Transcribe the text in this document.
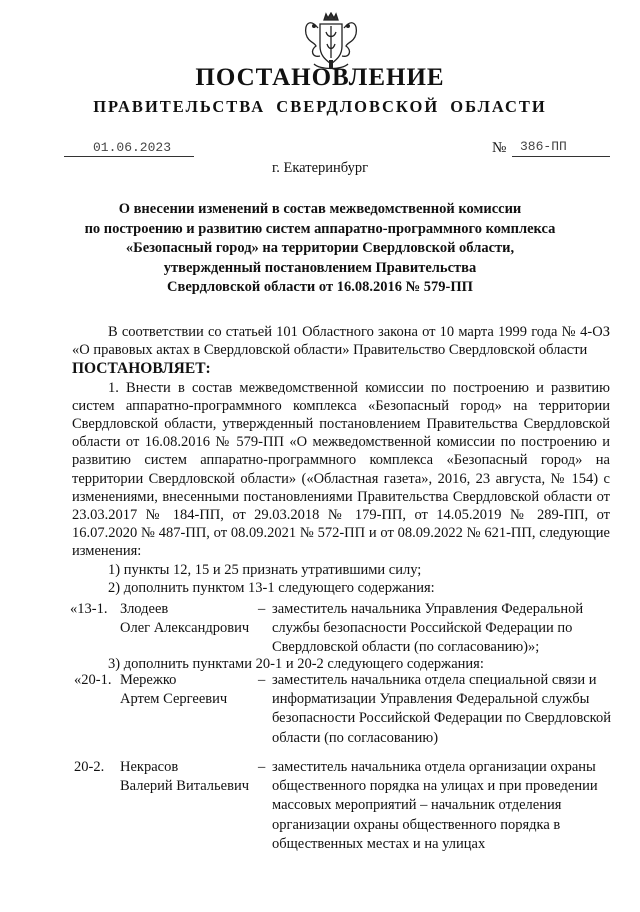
ПОСТАНОВЛЕНИЕ
ПРАВИТЕЛЬСТВА СВЕРДЛОВСКОЙ ОБЛАСТИ
01.06.2023	№ 386-ПП
г. Екатеринбург
О внесении изменений в состав межведомственной комиссии
по построению и развитию систем аппаратно-программного комплекса
«Безопасный город» на территории Свердловской области,
утвержденный постановлением Правительства
Свердловской области от 16.08.2016 № 579-ПП

В соответствии со статьей 101 Областного закона от 10 марта 1999 года № 4-ОЗ «О правовых актах в Свердловской области» Правительство Свердловской области

ПОСТАНОВЛЯЕТ:

1. Внести в состав межведомственной комиссии по построению и развитию систем аппаратно-программного комплекса «Безопасный город» на территории Свердловской области, утвержденный постановлением Правительства Свердловской области от 16.08.2016 № 579-ПП «О межведомственной комиссии по построению и развитию систем аппаратно-программного комплекса «Безопасный город» на территории Свердловской области» («Областная газета», 2016, 23 августа, № 154) с изменениями, внесенными постановлениями Правительства Свердловской области от 23.03.2017 № 184-ПП, от 29.03.2018 № 179-ПП, от 14.05.2019 № 289-ПП, от 16.07.2020 № 487-ПП, от 08.09.2021 № 572-ПП и от 08.09.2022 № 621-ПП, следующие изменения:

1) пункты 12, 15 и 25 признать утратившими силу;

2) дополнить пунктом 13-1 следующего содержания:

«13-1. Злодеев
Олег Александрович
– заместитель начальника Управления Федеральной службы безопасности Российской Федерации по Свердловской области (по согласованию)»;
3) дополнить пунктами 20-1 и 20-2 следующего содержания:
«20-1. Мережко
Артем Сергеевич
– заместитель начальника отдела специальной связи и информатизации Управления Федеральной службы безопасности Российской Федерации по Свердловской области (по согласованию)
20-2. Некрасов
Валерий Витальевич
– заместитель начальника отдела организации охраны общественного порядка на улицах и при проведении массовых мероприятий – начальник отделения организации охраны общественного порядка в общественных местах и на улицах
